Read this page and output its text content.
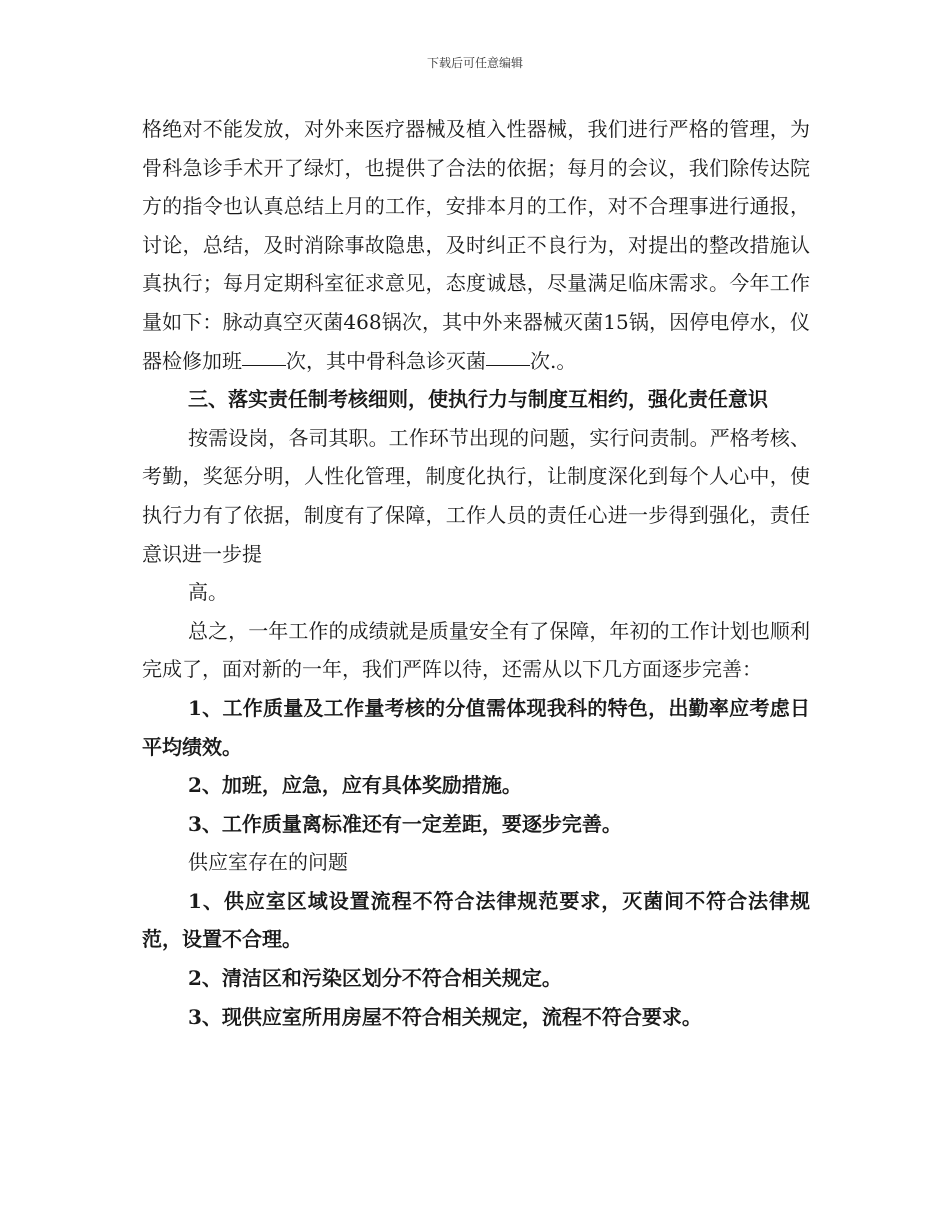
下载后可任意编辑

格绝对不能发放，对外来医疗器械及植入性器械，我们进行严格的管理，为骨科急诊手术开了绿灯，也提供了合法的依据；每月的会议，我们除传达院方的指令也认真总结上月的工作，安排本月的工作，对不合理事进行通报，讨论，总结，及时消除事故隐患，及时纠正不良行为，对提出的整改措施认真执行；每月定期科室征求意见，态度诚恳，尽量满足临床需求。今年工作量如下：脉动真空灭菌468锅次，其中外来器械灭菌15锅，因停电停水，仪器检修加班 次，其中骨科急诊灭菌 次.。

三、落实责任制考核细则，使执行力与制度互相约，强化责任意识

按需设岗，各司其职。工作环节出现的问题，实行问责制。严格考核、考勤，奖惩分明，人性化管理，制度化执行，让制度深化到每个人心中，使执行力有了依据，制度有了保障，工作人员的责任心进一步得到强化，责任意识进一步提

高。

总之，一年工作的成绩就是质量安全有了保障，年初的工作计划也顺利完成了，面对新的一年，我们严阵以待，还需从以下几方面逐步完善：

1、工作质量及工作量考核的分值需体现我科的特色，出勤率应考虑日平均绩效。

2、加班，应急，应有具体奖励措施。

3、工作质量离标准还有一定差距，要逐步完善。

供应室存在的问题

1、供应室区域设置流程不符合法律规范要求，灭菌间不符合法律规范，设置不合理。

2、清洁区和污染区划分不符合相关规定。

3、现供应室所用房屋不符合相关规定，流程不符合要求。
